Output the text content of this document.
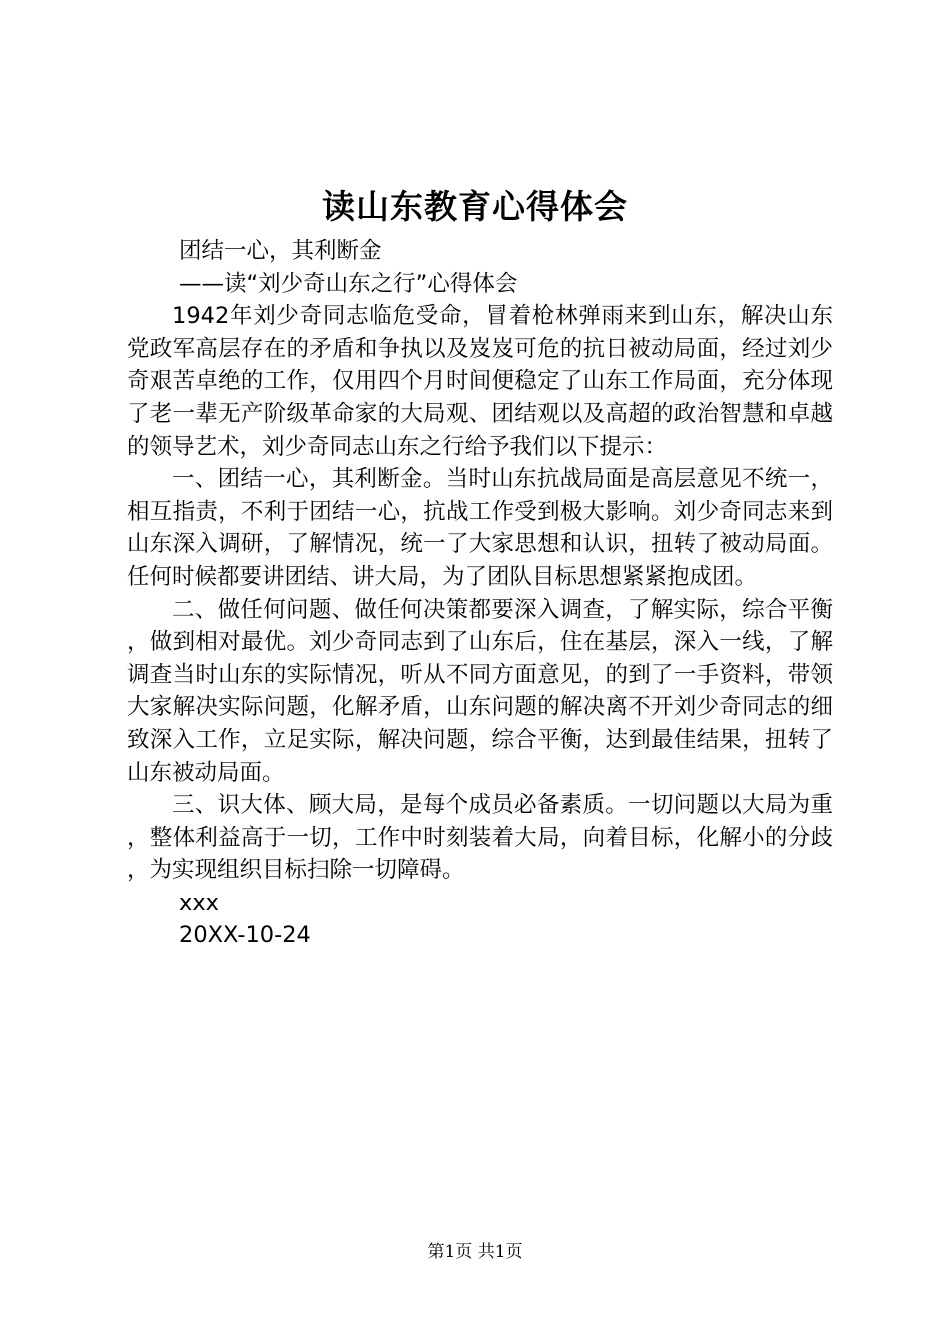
读山东教育心得体会

团结一心，其利断金

——读“刘少奇山东之行”心得体会

1942年刘少奇同志临危受命，冒着枪林弹雨来到山东，解决山东党政军高层存在的矛盾和争执以及岌岌可危的抗日被动局面，经过刘少奇艰苦卓绝的工作，仅用四个月时间便稳定了山东工作局面，充分体现了老一辈无产阶级革命家的大局观、团结观以及高超的政治智慧和卓越的领导艺术，刘少奇同志山东之行给予我们以下提示：

一、团结一心，其利断金。当时山东抗战局面是高层意见不统一，相互指责，不利于团结一心，抗战工作受到极大影响。刘少奇同志来到山东深入调研，了解情况，统一了大家思想和认识，扭转了被动局面。任何时候都要讲团结、讲大局，为了团队目标思想紧紧抱成团。

二、做任何问题、做任何决策都要深入调查，了解实际，综合平衡，做到相对最优。刘少奇同志到了山东后，住在基层，深入一线，了解调查当时山东的实际情况，听从不同方面意见，的到了一手资料，带领大家解决实际问题，化解矛盾，山东问题的解决离不开刘少奇同志的细致深入工作，立足实际，解决问题，综合平衡，达到最佳结果，扭转了山东被动局面。

三、识大体、顾大局，是每个成员必备素质。一切问题以大局为重，整体利益高于一切，工作中时刻装着大局，向着目标，化解小的分歧，为实现组织目标扫除一切障碍。

xxx

20XX-10-24

第1页 共1页
